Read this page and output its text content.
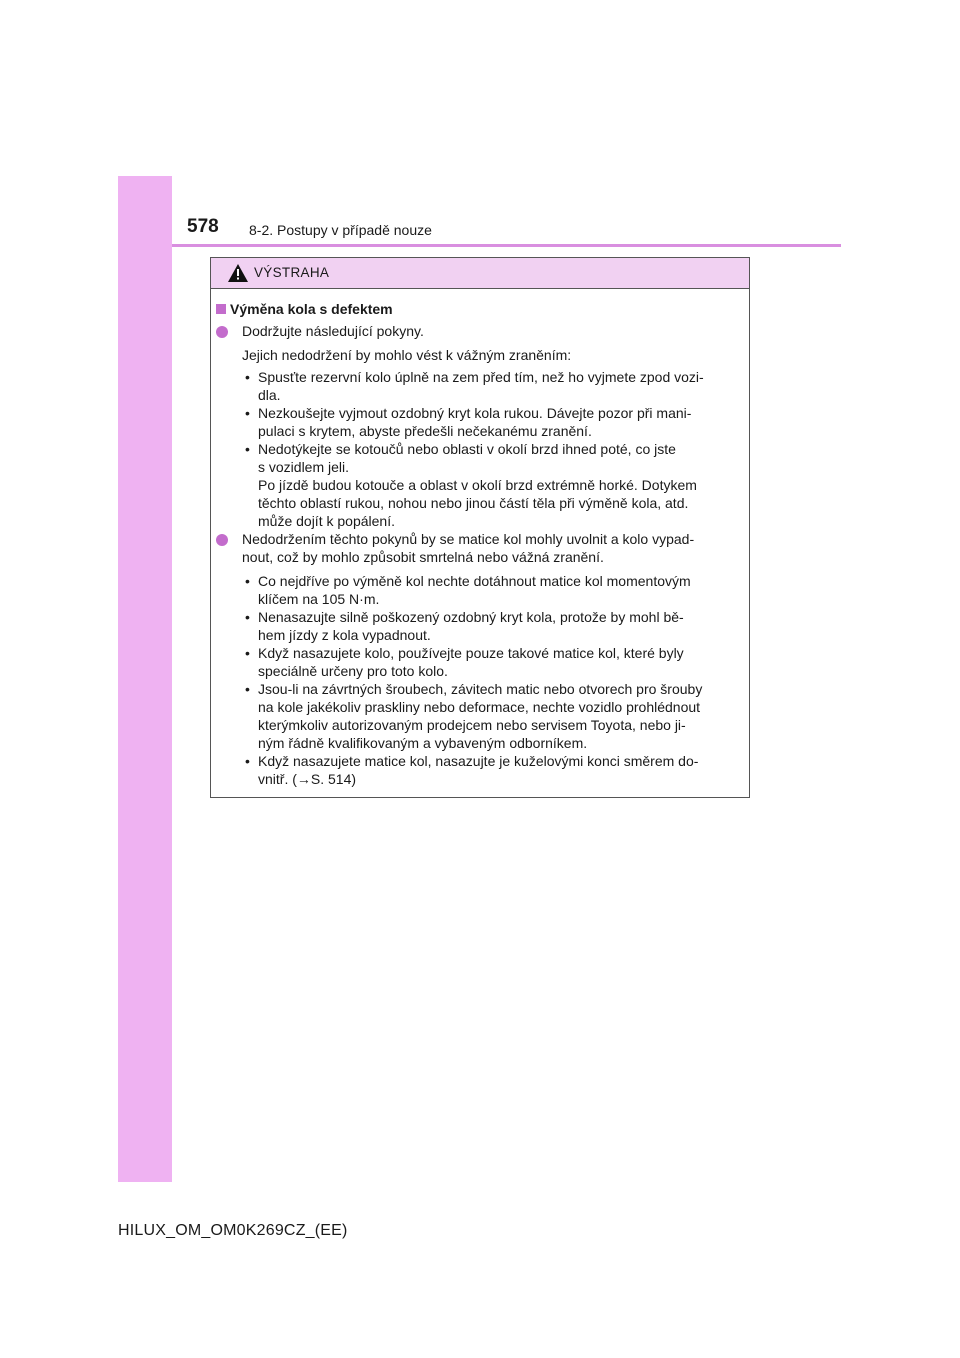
578 8-2. Postupy v případě nouze
VÝSTRAHA
Výměna kola s defektem
Dodržujte následující pokyny.
Jejich nedodržení by mohlo vést k vážným zraněním:
• Spusťte rezervní kolo úplně na zem před tím, než ho vyjmete zpod vozi-
dla.
• Nezkoušejte vyjmout ozdobný kryt kola rukou. Dávejte pozor při mani-
pulaci s krytem, abyste předešli nečekanému zranění.
• Nedotýkejte se kotoučů nebo oblasti v okolí brzd ihned poté, co jste
s vozidlem jeli.
Po jízdě budou kotouče a oblast v okolí brzd extrémně horké. Dotykem
těchto oblastí rukou, nohou nebo jinou částí těla při výměně kola, atd.
může dojít k popálení.
Nedodržením těchto pokynů by se matice kol mohly uvolnit a kolo vypad-
nout, což by mohlo způsobit smrtelná nebo vážná zranění.
• Co nejdříve po výměně kol nechte dotáhnout matice kol momentovým
klíčem na 105 N·m.
• Nenasazujte silně poškozený ozdobný kryt kola, protože by mohl bě-
hem jízdy z kola vypadnout.
• Když nasazujete kolo, používejte pouze takové matice kol, které byly
speciálně určeny pro toto kolo.
• Jsou-li na závrtných šroubech, závitech matic nebo otvorech pro šrouby
na kole jakékoliv praskliny nebo deformace, nechte vozidlo prohlédnout
kterýmkoliv autorizovaným prodejcem nebo servisem Toyota, nebo ji-
ným řádně kvalifikovaným a vybaveným odborníkem.
• Když nasazujete matice kol, nasazujte je kuželovými konci směrem do-
vnitř. (→S. 514)
HILUX_OM_OM0K269CZ_(EE)
